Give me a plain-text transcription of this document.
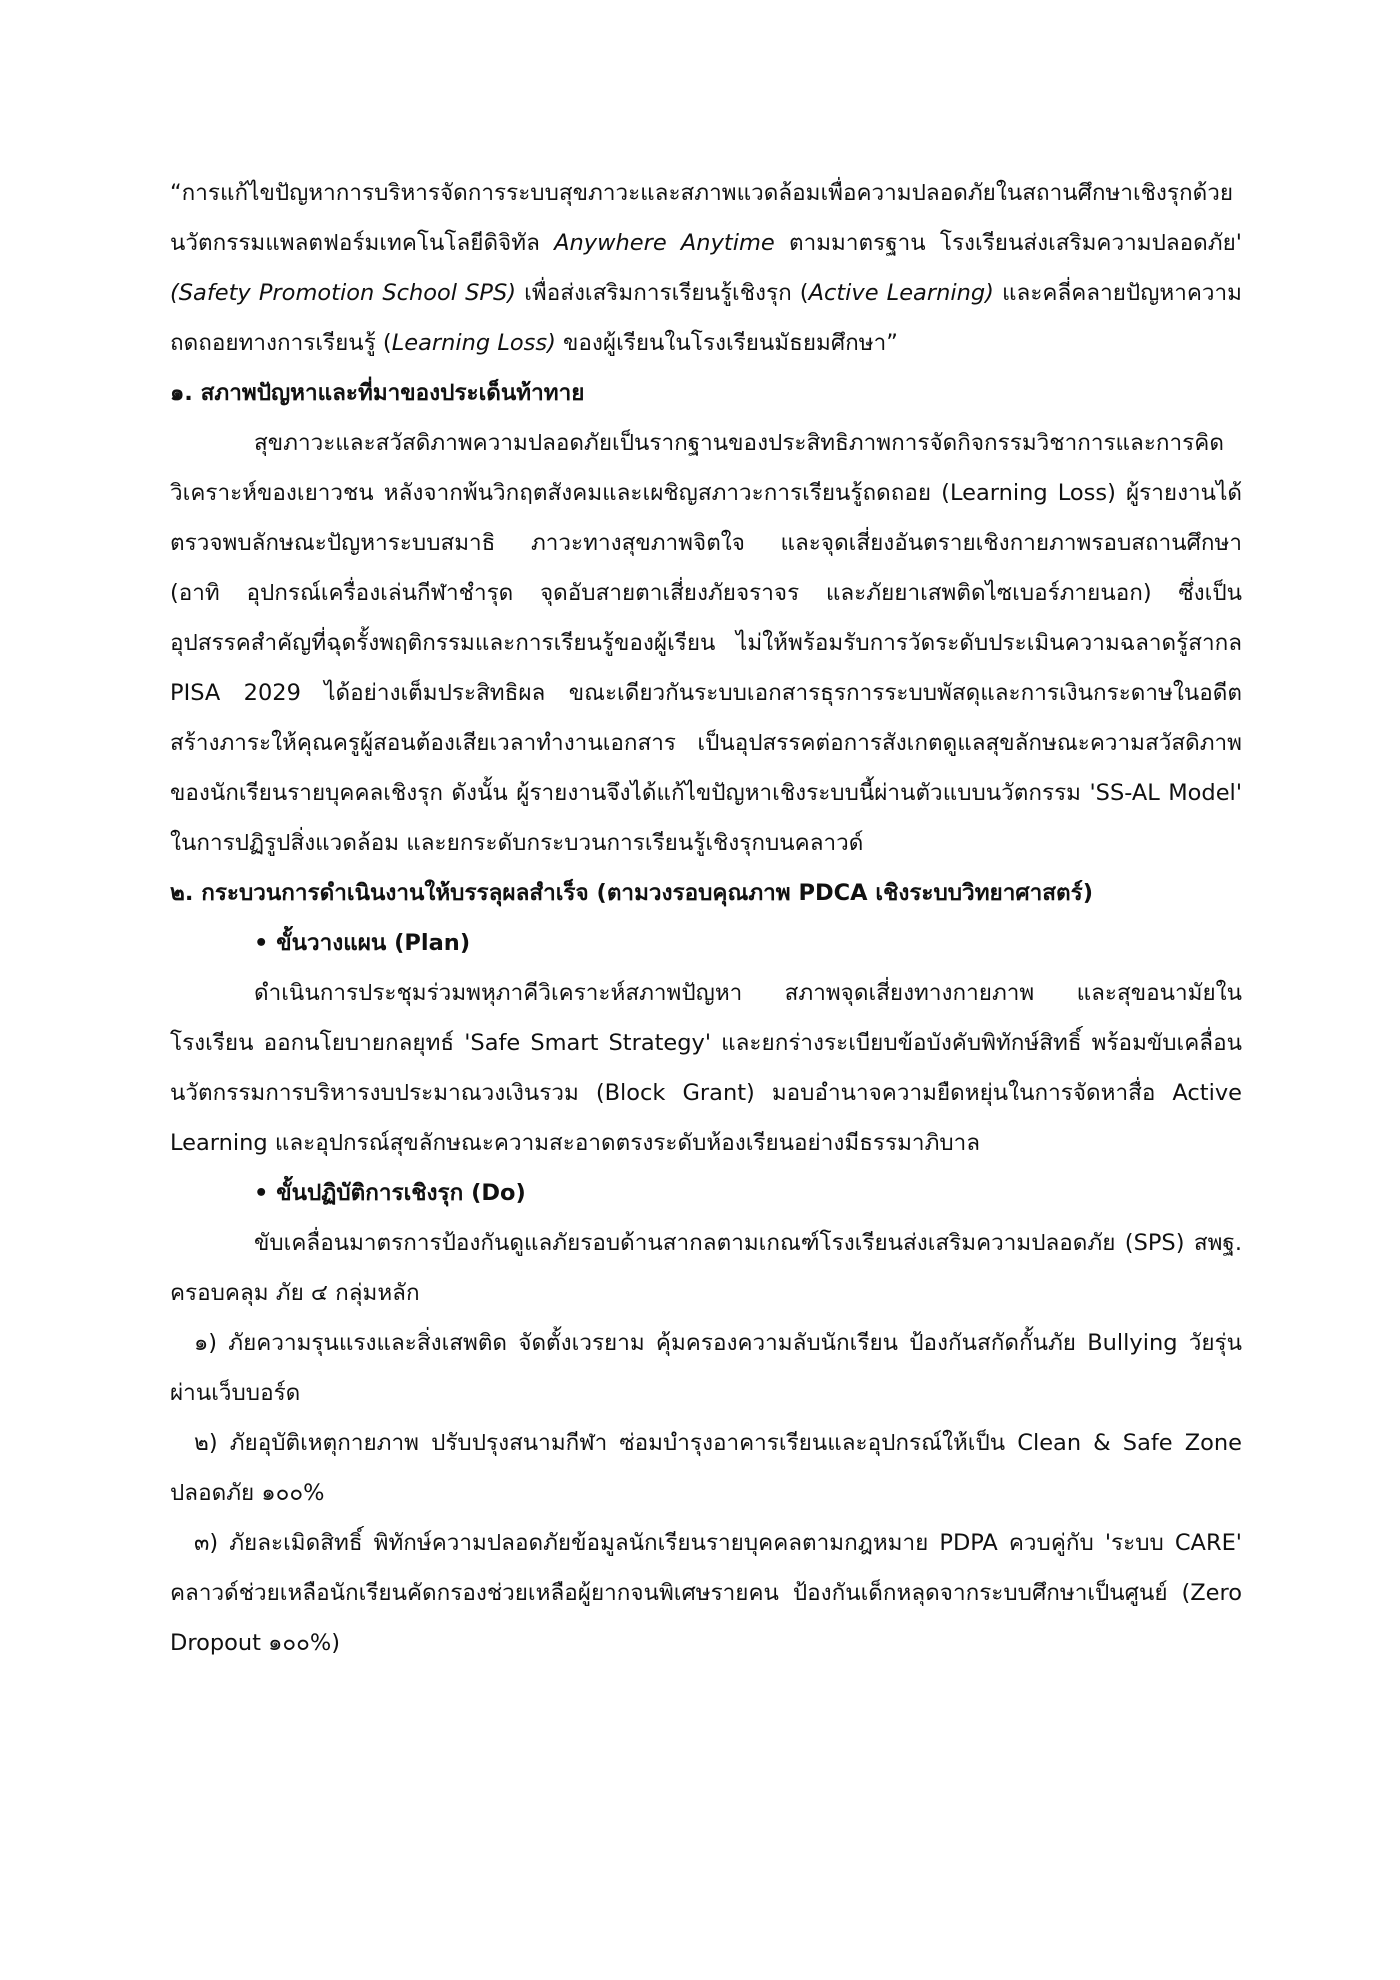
“การแก้ไขปัญหาการบริหารจัดการระบบสุขภาวะและสภาพแวดล้อมเพื่อความปลอดภัยในสถานศึกษาเชิงรุกด้วยนวัตกรรมแพลตฟอร์มเทคโนโลยีดิจิทัล Anywhere Anytime ตามมาตรฐาน โรงเรียนส่งเสริมความปลอดภัย' (Safety Promotion School SPS) เพื่อส่งเสริมการเรียนรู้เชิงรุก (Active Learning) และคลี่คลายปัญหาความถดถอยทางการเรียนรู้ (Learning Loss) ของผู้เรียนในโรงเรียนมัธยมศึกษา”

๑. สภาพปัญหาและที่มาของประเด็นท้าทาย

สุขภาวะและสวัสดิภาพความปลอดภัยเป็นรากฐานของประสิทธิภาพการจัดกิจกรรมวิชาการและการคิดวิเคราะห์ของเยาวชน หลังจากพ้นวิกฤตสังคมและเผชิญสภาวะการเรียนรู้ถดถอย (Learning Loss) ผู้รายงานได้ตรวจพบลักษณะปัญหาระบบสมาธิ ภาวะทางสุขภาพจิตใจ และจุดเสี่ยงอันตรายเชิงกายภาพรอบสถานศึกษา (อาทิ อุปกรณ์เครื่องเล่นกีฬาชำรุด จุดอับสายตาเสี่ยงภัยจราจร และภัยยาเสพติดไซเบอร์ภายนอก) ซึ่งเป็นอุปสรรคสำคัญที่ฉุดรั้งพฤติกรรมและการเรียนรู้ของผู้เรียน ไม่ให้พร้อมรับการวัดระดับประเมินความฉลาดรู้สากล PISA 2029 ได้อย่างเต็มประสิทธิผล ขณะเดียวกันระบบเอกสารธุรการระบบพัสดุและการเงินกระดาษในอดีตสร้างภาระให้คุณครูผู้สอนต้องเสียเวลาทำงานเอกสาร เป็นอุปสรรคต่อการสังเกตดูแลสุขลักษณะความสวัสดิภาพของนักเรียนรายบุคคลเชิงรุก ดังนั้น ผู้รายงานจึงได้แก้ไขปัญหาเชิงระบบนี้ผ่านตัวแบบนวัตกรรม 'SS-AL Model' ในการปฏิรูปสิ่งแวดล้อม และยกระดับกระบวนการเรียนรู้เชิงรุกบนคลาวด์

๒. กระบวนการดำเนินงานให้บรรลุผลสำเร็จ (ตามวงรอบคุณภาพ PDCA เชิงระบบวิทยาศาสตร์)

• ขั้นวางแผน (Plan)

ดำเนินการประชุมร่วมพหุภาคีวิเคราะห์สภาพปัญหา สภาพจุดเสี่ยงทางกายภาพ และสุขอนามัยในโรงเรียน ออกนโยบายกลยุทธ์ 'Safe Smart Strategy' และยกร่างระเบียบข้อบังคับพิทักษ์สิทธิ์ พร้อมขับเคลื่อนนวัตกรรมการบริหารงบประมาณวงเงินรวม (Block Grant) มอบอำนาจความยืดหยุ่นในการจัดหาสื่อ Active Learning และอุปกรณ์สุขลักษณะความสะอาดตรงระดับห้องเรียนอย่างมีธรรมาภิบาล

• ขั้นปฏิบัติการเชิงรุก (Do)

ขับเคลื่อนมาตรการป้องกันดูแลภัยรอบด้านสากลตามเกณฑ์โรงเรียนส่งเสริมความปลอดภัย (SPS) สพฐ. ครอบคลุม ภัย ๔ กลุ่มหลัก

๑) ภัยความรุนแรงและสิ่งเสพติด จัดตั้งเวรยาม คุ้มครองความลับนักเรียน ป้องกันสกัดกั้นภัย Bullying วัยรุ่นผ่านเว็บบอร์ด

๒) ภัยอุบัติเหตุกายภาพ ปรับปรุงสนามกีฬา ซ่อมบำรุงอาคารเรียนและอุปกรณ์ให้เป็น Clean & Safe Zone ปลอดภัย ๑๐๐%

๓) ภัยละเมิดสิทธิ์ พิทักษ์ความปลอดภัยข้อมูลนักเรียนรายบุคคลตามกฎหมาย PDPA ควบคู่กับ 'ระบบ CARE' คลาวด์ช่วยเหลือนักเรียนคัดกรองช่วยเหลือผู้ยากจนพิเศษรายคน ป้องกันเด็กหลุดจากระบบศึกษาเป็นศูนย์ (Zero Dropout ๑๐๐%)
